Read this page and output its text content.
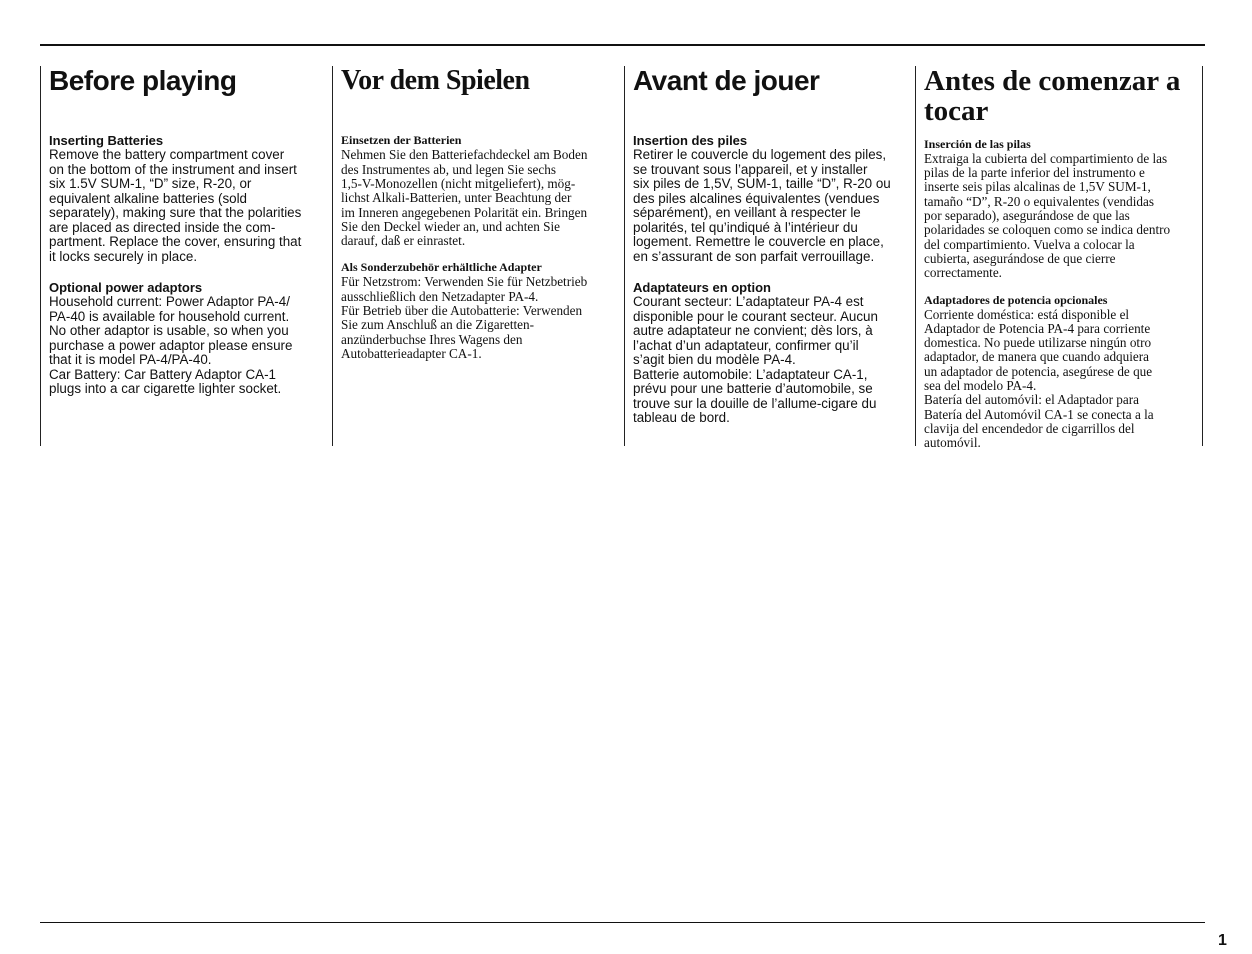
Before playing

Inserting Batteries

Remove the battery compartment cover
on the bottom of the instrument and insert
six 1.5V SUM-1, “D” size, R-20, or
equivalent alkaline batteries (sold
separately), making sure that the polarities
are placed as directed inside the com-
partment. Replace the cover, ensuring that
it locks securely in place.

Optional power adaptors

Household current: Power Adaptor PA-4/
PA-40 is available for household current.
No other adaptor is usable, so when you
purchase a power adaptor please ensure
that it is model PA-4/PA-40.
Car Battery: Car Battery Adaptor CA-1
plugs into a car cigarette lighter socket.

Vor dem Spielen

Einsetzen der Batterien

Nehmen Sie den Batteriefachdeckel am Boden
des Instrumentes ab, und legen Sie sechs
1,5-V-Monozellen (nicht mitgeliefert), mög-
lichst Alkali-Batterien, unter Beachtung der
im Inneren angegebenen Polarität ein. Bringen
Sie den Deckel wieder an, und achten Sie
darauf, daß er einrastet.

Als Sonderzubehör erhältliche Adapter

Für Netzstrom: Verwenden Sie für Netzbetrieb
ausschließlich den Netzadapter PA-4.
Für Betrieb über die Autobatterie: Verwenden
Sie zum Anschluß an die Zigaretten-
anzünderbuchse Ihres Wagens den
Autobatterieadapter CA-1.

Avant de jouer

Insertion des piles

Retirer le couvercle du logement des piles,
se trouvant sous l’appareil, et y installer
six piles de 1,5V, SUM-1, taille “D”, R-20 ou
des piles alcalines équivalentes (vendues
séparément), en veillant à respecter le
polarités, tel qu’indiqué à l’intérieur du
logement. Remettre le couvercle en place,
en s’assurant de son parfait verrouillage.

Adaptateurs en option

Courant secteur: L’adaptateur PA-4 est
disponible pour le courant secteur. Aucun
autre adaptateur ne convient; dès lors, à
l’achat d’un adaptateur, confirmer qu’il
s’agit bien du modèle PA-4.
Batterie automobile: L’adaptateur CA-1,
prévu pour une batterie d’automobile, se
trouve sur la douille de l’allume-cigare du
tableau de bord.

Antes de comenzar a tocar

Inserción de las pilas

Extraiga la cubierta del compartimiento de las
pilas de la parte inferior del instrumento e
inserte seis pilas alcalinas de 1,5V SUM-1,
tamaño “D”, R-20 o equivalentes (vendidas
por separado), asegurándose de que las
polaridades se coloquen como se indica dentro
del compartimiento. Vuelva a colocar la
cubierta, asegurándose de que cierre
correctamente.

Adaptadores de potencia opcionales

Corriente doméstica: está disponible el
Adaptador de Potencia PA-4 para corriente
domestica. No puede utilizarse ningún otro
adaptador, de manera que cuando adquiera
un adaptador de potencia, asegúrese de que
sea del modelo PA-4.
Batería del automóvil: el Adaptador para
Batería del Automóvil CA-1 se conecta a la
clavija del encendedor de cigarrillos del
automóvil.

1
